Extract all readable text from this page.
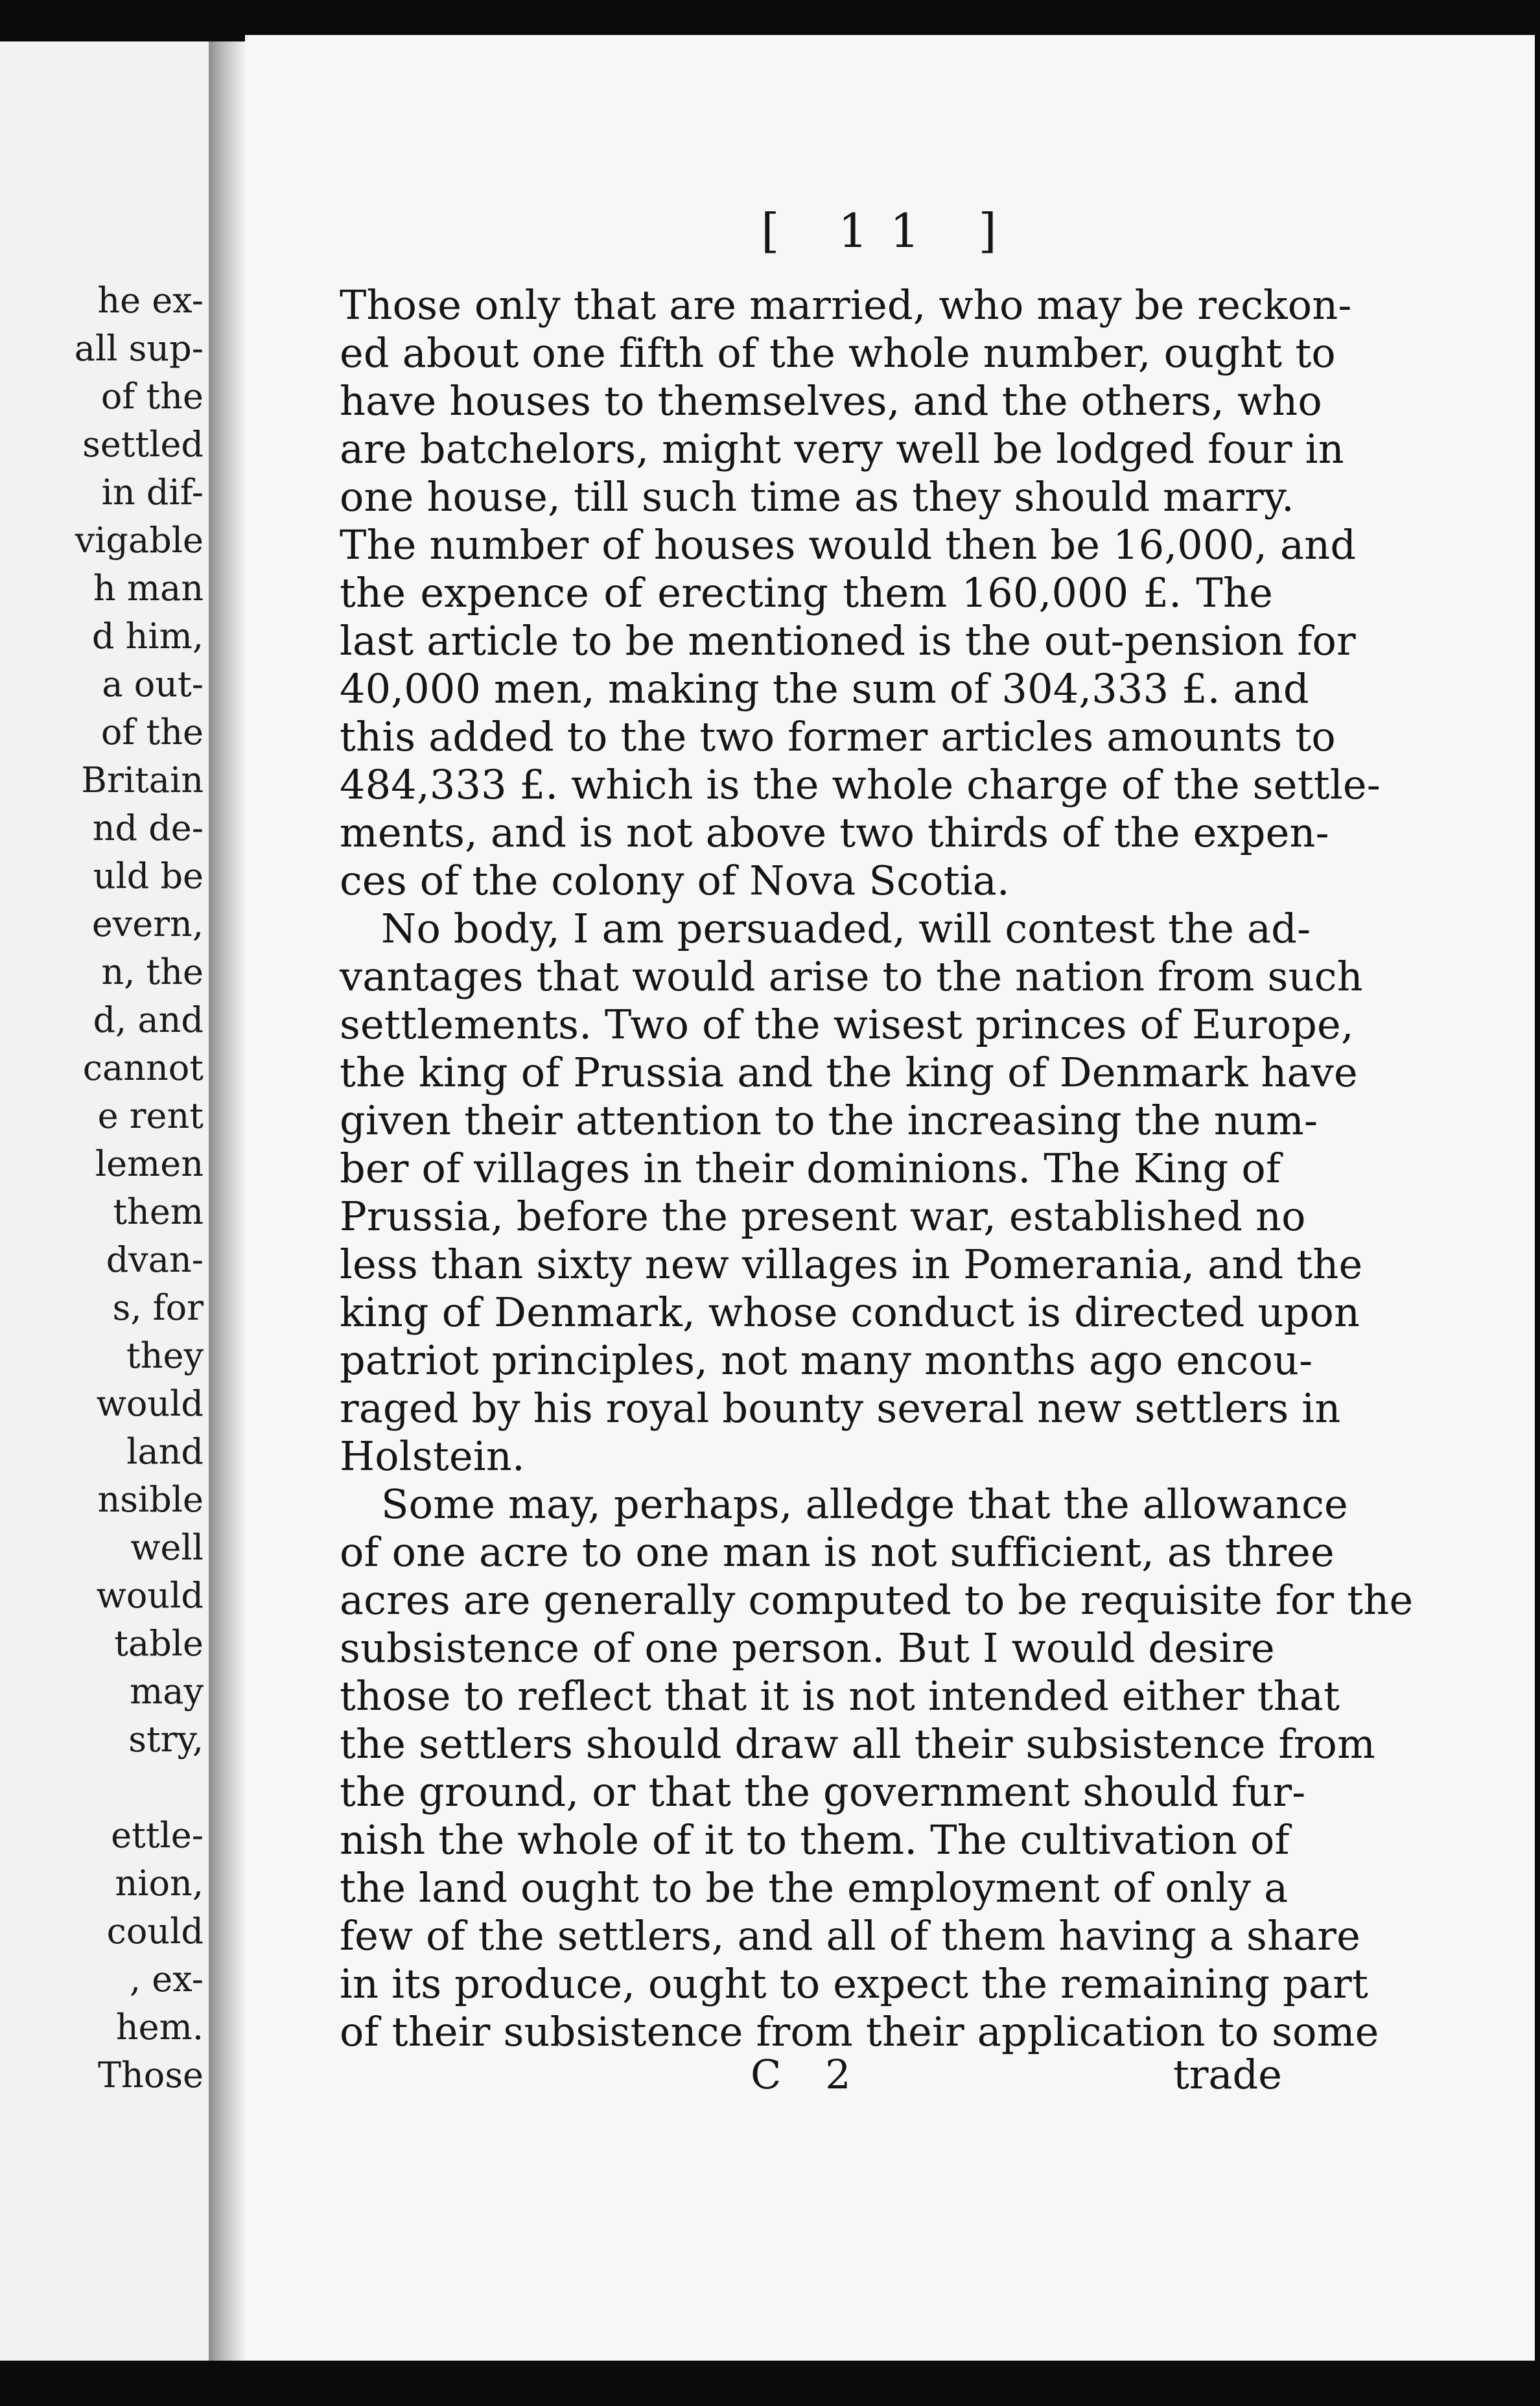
he ex-
all sup-
of the
settled
in dif-
vigable
h man
d him,
a out-
of the
Britain
nd de-
uld be
evern,
n, the
d, and
cannot
e rent
lemen
them
dvan-
s, for
they
would
land
nsible
well
would
table
may
stry,
ettle-
nion,
could
, ex-
hem.
Those
[ 11 ]
Those only that are married, who may be reckon-
ed about one fifth of the whole number, ought to
have houses to themselves, and the others, who
are batchelors, might very well be lodged four in
one house, till such time as they should marry.
The number of houses would then be 16,000, and
the expence of erecting them 160,000 £. The
last article to be mentioned is the out-pension for
40,000 men, making the sum of 304,333 £. and
this added to the two former articles amounts to
484,333 £. which is the whole charge of the settle-
ments, and is not above two thirds of the expen-
ces of the colony of Nova Scotia.
No body, I am persuaded, will contest the ad-
vantages that would arise to the nation from such
settlements. Two of the wisest princes of Europe,
the king of Prussia and the king of Denmark have
given their attention to the increasing the num-
ber of villages in their dominions. The King of
Prussia, before the present war, established no
less than sixty new villages in Pomerania, and the
king of Denmark, whose conduct is directed upon
patriot principles, not many months ago encou-
raged by his royal bounty several new settlers in
Holstein.
Some may, perhaps, alledge that the allowance
of one acre to one man is not sufficient, as three
acres are generally computed to be requisite for the
subsistence of one person. But I would desire
those to reflect that it is not intended either that
the settlers should draw all their subsistence from
the ground, or that the government should fur-
nish the whole of it to them. The cultivation of
the land ought to be the employment of only a
few of the settlers, and all of them having a share
in its produce, ought to expect the remaining part
of their subsistence from their application to some
C 2	trade
